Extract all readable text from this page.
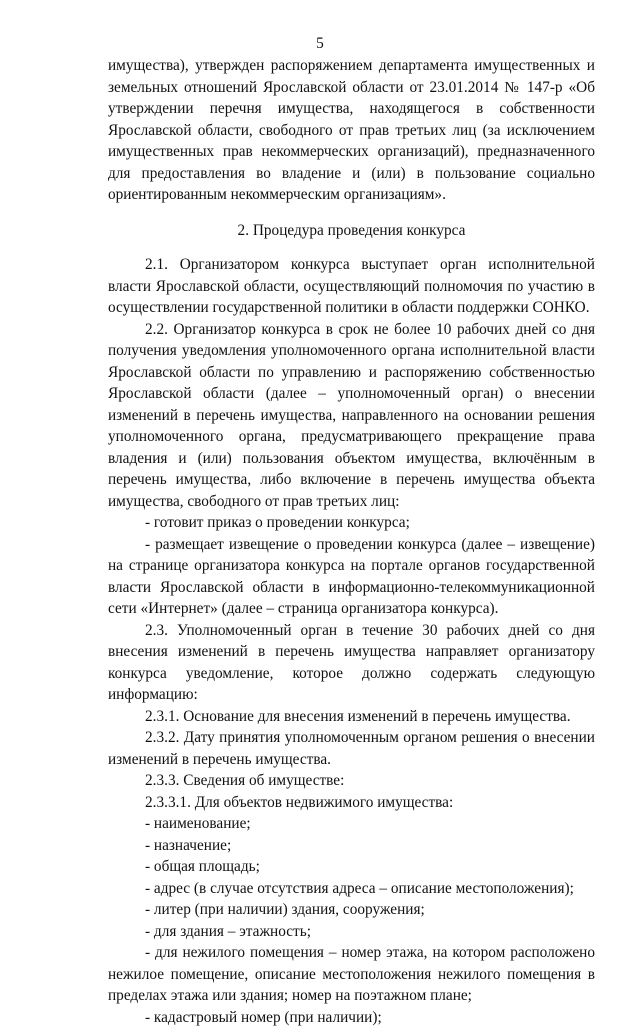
5

имущества), утвержден распоряжением департамента имущественных и земельных отношений Ярославской области от 23.01.2014 № 147-р «Об утверждении перечня имущества, находящегося в собственности Ярославской области, свободного от прав третьих лиц (за исключением имущественных прав некоммерческих организаций), предназначенного для предоставления во владение и (или) в пользование социально ориентированным некоммерческим организациям».

2. Процедура проведения конкурса

2.1. Организатором конкурса выступает орган исполнительной власти Ярославской области, осуществляющий полномочия по участию в осуществлении государственной политики в области поддержки СОНКО.

2.2. Организатор конкурса в срок не более 10 рабочих дней со дня получения уведомления уполномоченного органа исполнительной власти Ярославской области по управлению и распоряжению собственностью Ярославской области (далее – уполномоченный орган) о внесении изменений в перечень имущества, направленного на основании решения уполномоченного органа, предусматривающего прекращение права владения и (или) пользования объектом имущества, включённым в перечень имущества, либо включение в перечень имущества объекта имущества, свободного от прав третьих лиц:

- готовит приказ о проведении конкурса;

- размещает извещение о проведении конкурса (далее – извещение) на странице организатора конкурса на портале органов государственной власти Ярославской области в информационно-телекоммуникационной сети «Интернет» (далее – страница организатора конкурса).

2.3. Уполномоченный орган в течение 30 рабочих дней со дня внесения изменений в перечень имущества направляет организатору конкурса уведомление, которое должно содержать следующую информацию:

2.3.1. Основание для внесения изменений в перечень имущества.

2.3.2. Дату принятия уполномоченным органом решения о внесении изменений в перечень имущества.

2.3.3. Сведения об имуществе:

2.3.3.1. Для объектов недвижимого имущества:

- наименование;

- назначение;

- общая площадь;

- адрес (в случае отсутствия адреса – описание местоположения);

- литер (при наличии) здания, сооружения;

- для здания – этажность;

- для нежилого помещения – номер этажа, на котором расположено нежилое помещение, описание местоположения нежилого помещения в пределах этажа или здания; номер на поэтажном плане;

- кадастровый номер (при наличии);
